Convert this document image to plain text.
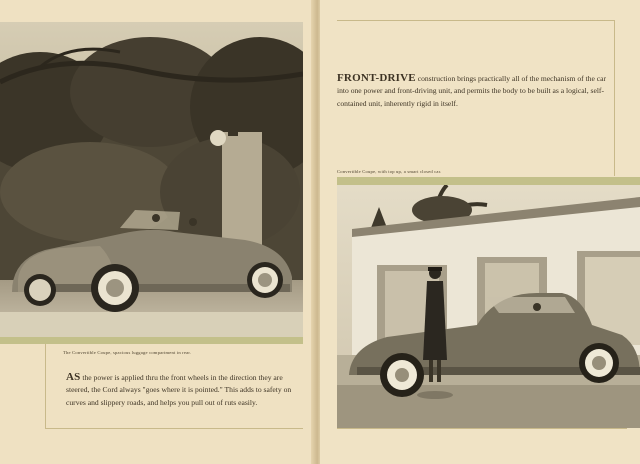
The Convertible Coupe, spacious luggage compartment in rear.

AS the power is applied thru the front wheels in the direction they are steered, the Cord always "goes where it is pointed." This adds to safety on curves and slippery roads, and helps you pull out of ruts easily.

FRONT-DRIVE construction brings practically all of the mechanism of the car into one power and front-driving unit, and permits the body to be built as a logical, self-contained unit, inherently rigid in itself.

Convertible Coupe, with top up, a smart closed car.
